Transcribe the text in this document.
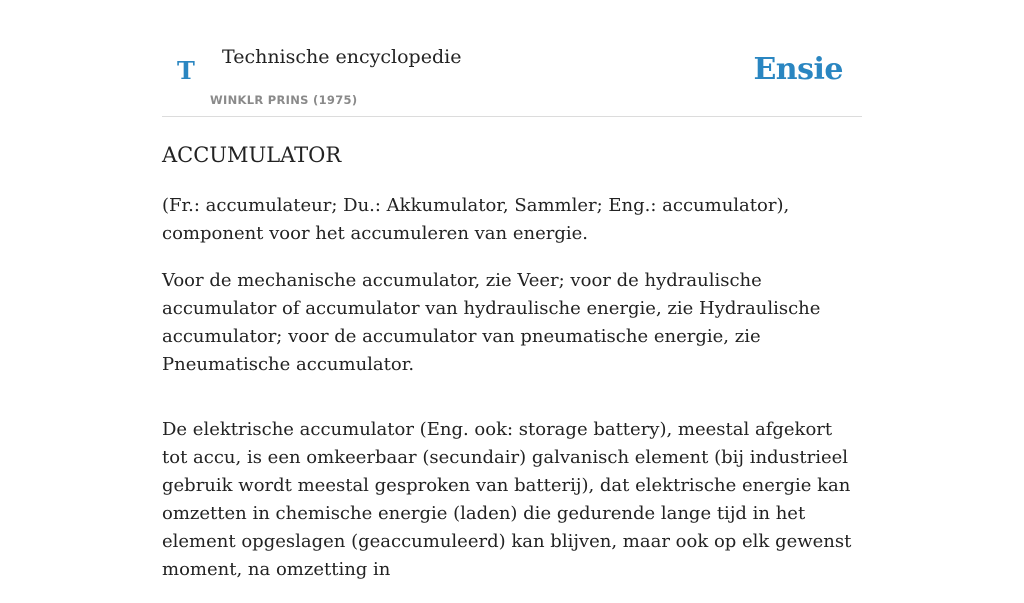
T Technische encyclopedie
WINKLR PRINS (1975)
Ensie
ACCUMULATOR

(Fr.: accumulateur; Du.: Akkumulator, Sammler; Eng.: accumulator), component voor het accumuleren van energie.

Voor de mechanische accumulator, zie Veer; voor de hydraulische accumulator of accumulator van hydraulische energie, zie Hydraulische accumulator; voor de accumulator van pneumatische energie, zie Pneumatische accumulator.

De elektrische accumulator (Eng. ook: storage battery), meestal afgekort tot accu, is een omkeerbaar (secundair) galvanisch element (bij industrieel gebruik wordt meestal gesproken van batterij), dat elektrische energie kan omzetten in chemische energie (laden) die gedurende lange tijd in het element opgeslagen (geaccumuleerd) kan blijven, maar ook op elk gewenst moment, na omzetting in
